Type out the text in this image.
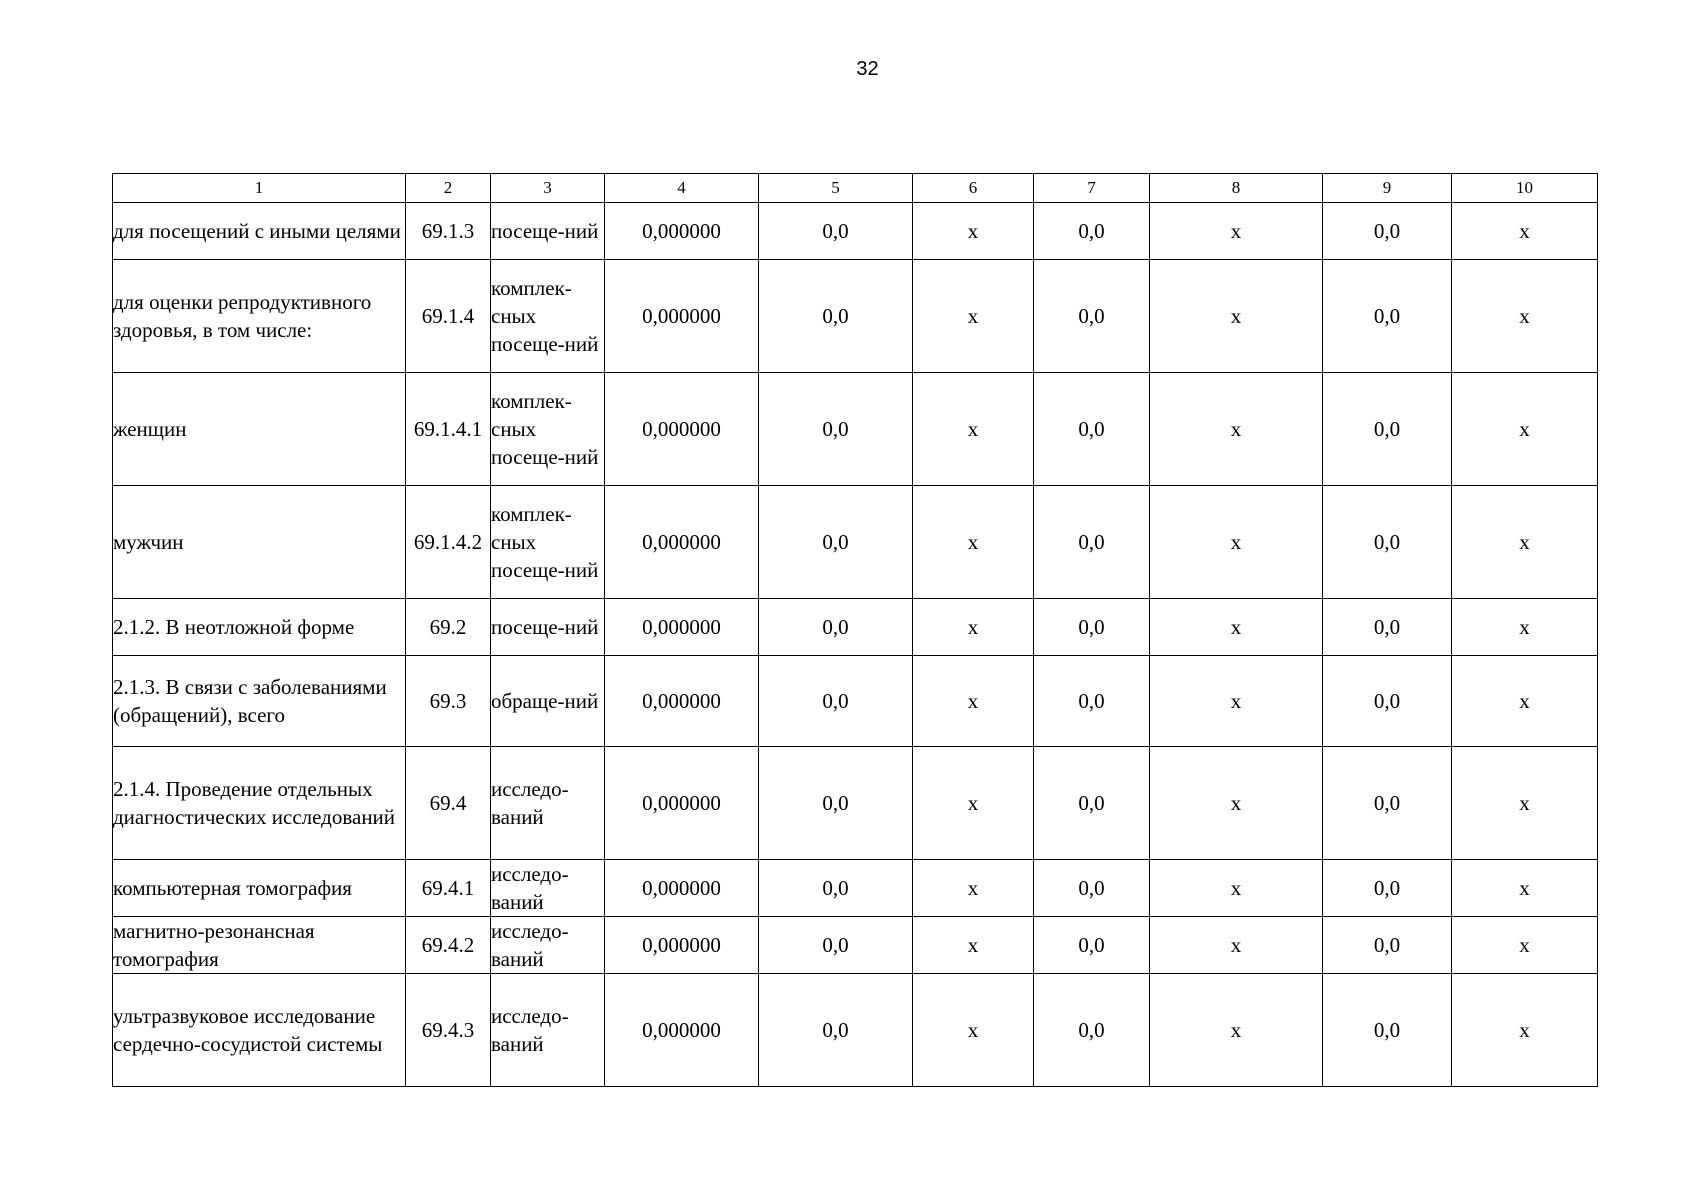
32
1	2	3	4	5	6	7	8	9	10
для посещений с иными целями	69.1.3	посеще-ний	0,000000	0,0	х	0,0	х	0,0	х
для оценки репродуктивного здоровья, в том числе:	69.1.4	комплек-сных посеще-ний	0,000000	0,0	х	0,0	х	0,0	х
женщин	69.1.4.1	комплек-сных посеще-ний	0,000000	0,0	х	0,0	х	0,0	х
мужчин	69.1.4.2	комплек-сных посеще-ний	0,000000	0,0	х	0,0	х	0,0	х
2.1.2. В неотложной форме	69.2	посеще-ний	0,000000	0,0	х	0,0	х	0,0	х
2.1.3. В связи с заболеваниями (обращений), всего	69.3	обраще-ний	0,000000	0,0	х	0,0	х	0,0	х
2.1.4. Проведение отдельных диагностических исследований	69.4	исследо-ваний	0,000000	0,0	х	0,0	х	0,0	х
компьютерная томография	69.4.1	исследо-ваний	0,000000	0,0	х	0,0	х	0,0	х
магнитно-резонансная томография	69.4.2	исследо-ваний	0,000000	0,0	х	0,0	х	0,0	х
ультразвуковое исследование сердечно-сосудистой системы	69.4.3	исследо-ваний	0,000000	0,0	х	0,0	х	0,0	х
